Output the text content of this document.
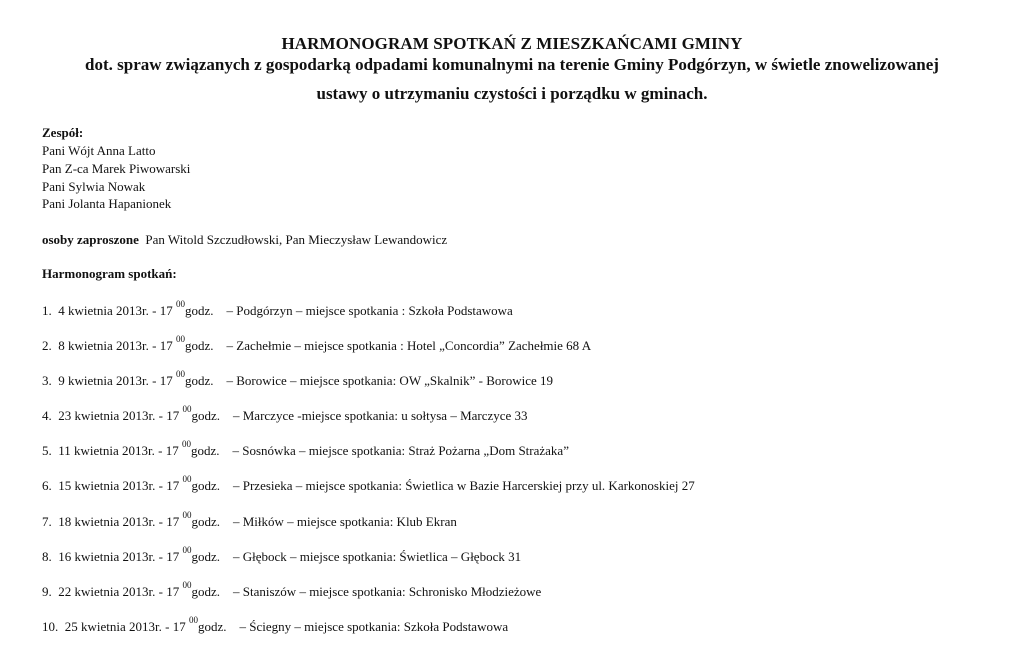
HARMONOGRAM SPOTKAŃ Z MIESZKAŃCAMI GMINY
dot. spraw związanych z gospodarką odpadami komunalnymi na terenie Gminy Podgórzyn, w świetle znowelizowanej
ustawy o utrzymaniu czystości i porządku w gminach.
Zespół:
Pani Wójt Anna Latto
Pan Z-ca Marek Piwowarski
Pani Sylwia Nowak
Pani Jolanta Hapanionek
osoby zaproszone Pan Witold Szczudłowski, Pan Mieczysław Lewandowicz
Harmonogram spotkań:
1. 4 kwietnia 2013r. - 17 $^{00}$godz. – Podgórzyn – miejsce spotkania : Szkoła Podstawowa
2. 8 kwietnia 2013r. - 17 $^{00}$godz. – Zachełmie – miejsce spotkania : Hotel „Concordia” Zachełmie 68 A
3. 9 kwietnia 2013r. - 17 $^{00}$godz. – Borowice – miejsce spotkania: OW „Skalnik” - Borowice 19
4. 23 kwietnia 2013r. - 17 $^{00}$godz. – Marczyce -miejsce spotkania: u sołtysa – Marczyce 33
5. 11 kwietnia 2013r. - 17 $^{00}$godz. – Sosnówka – miejsce spotkania: Straż Pożarna „Dom Strażaka”
6. 15 kwietnia 2013r. - 17 $^{00}$godz. – Przesieka – miejsce spotkania: Świetlica w Bazie Harcerskiej przy ul. Karkonoskiej 27
7. 18 kwietnia 2013r. - 17 $^{00}$godz. – Miłków – miejsce spotkania: Klub Ekran
8. 16 kwietnia 2013r. - 17 $^{00}$godz. – Głębock – miejsce spotkania: Świetlica – Głębock 31
9. 22 kwietnia 2013r. - 17 $^{00}$godz. – Staniszów – miejsce spotkania: Schronisko Młodzieżowe
10. 25 kwietnia 2013r. - 17 $^{00}$godz. – Ściegny – miejsce spotkania: Szkoła Podstawowa
